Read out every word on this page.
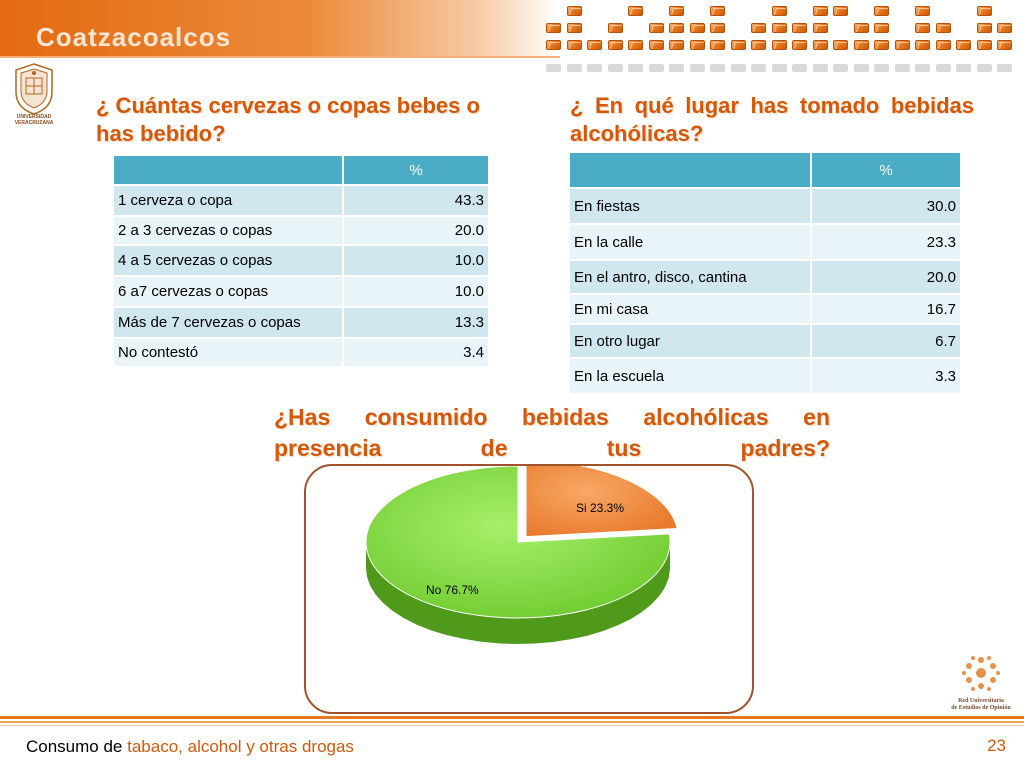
Coatzacoalcos
UNIVERSIDAD VERACRUZANA
¿ Cuántas cervezas o copas bebes o has bebido?
¿ En qué lugar has tomado bebidas alcohólicas?
	%
1 cerveza o copa	43.3
2 a 3 cervezas o copas	20.0
4 a 5 cervezas o copas	10.0
6 a7 cervezas o copas	10.0
Más de 7 cervezas o copas	13.3
No contestó	3.4
	%
En fiestas	30.0
En la calle	23.3
En el antro, disco, cantina	20.0
En mi casa	16.7
En otro lugar	6.7
En la escuela	3.3
¿Has consumido bebidas alcohólicas en presencia de tus padres?
Si 23.3%
No 76.7%
Consumo de tabaco, alcohol y otras drogas	23
Red Universitaria
de Estudios de Opinión
